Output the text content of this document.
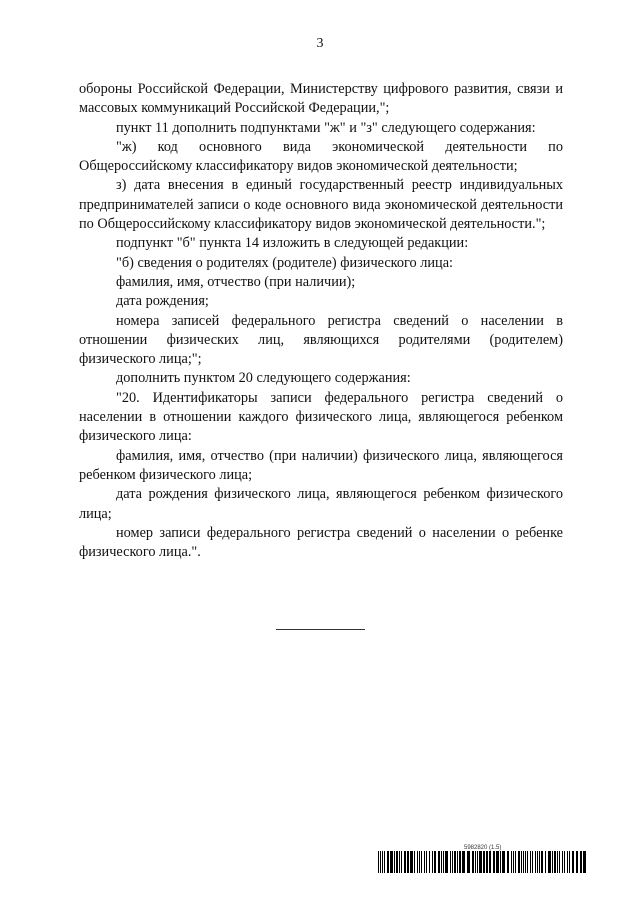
3

обороны Российской Федерации, Министерству цифрового развития, связи и массовых коммуникаций Российской Федерации,";

пункт 11 дополнить подпунктами "ж" и "з" следующего содержания:

"ж) код основного вида экономической деятельности по Общероссийскому классификатору видов экономической деятельности;

з) дата внесения в единый государственный реестр индивидуальных предпринимателей записи о коде основного вида экономической деятельности по Общероссийскому классификатору видов экономической деятельности.";

подпункт "б" пункта 14 изложить в следующей редакции:

"б) сведения о родителях (родителе) физического лица:

фамилия, имя, отчество (при наличии);

дата рождения;

номера записей федерального регистра сведений о населении в отношении физических лиц, являющихся родителями (родителем) физического лица;";

дополнить пунктом 20 следующего содержания:

"20. Идентификаторы записи федерального регистра сведений о населении в отношении каждого физического лица, являющегося ребенком физического лица:

фамилия, имя, отчество (при наличии) физического лица, являющегося ребенком физического лица;

дата рождения физического лица, являющегося ребенком физического лица;

номер записи федерального регистра сведений о населении о ребенке физического лица.".

5982820 (1.5)
